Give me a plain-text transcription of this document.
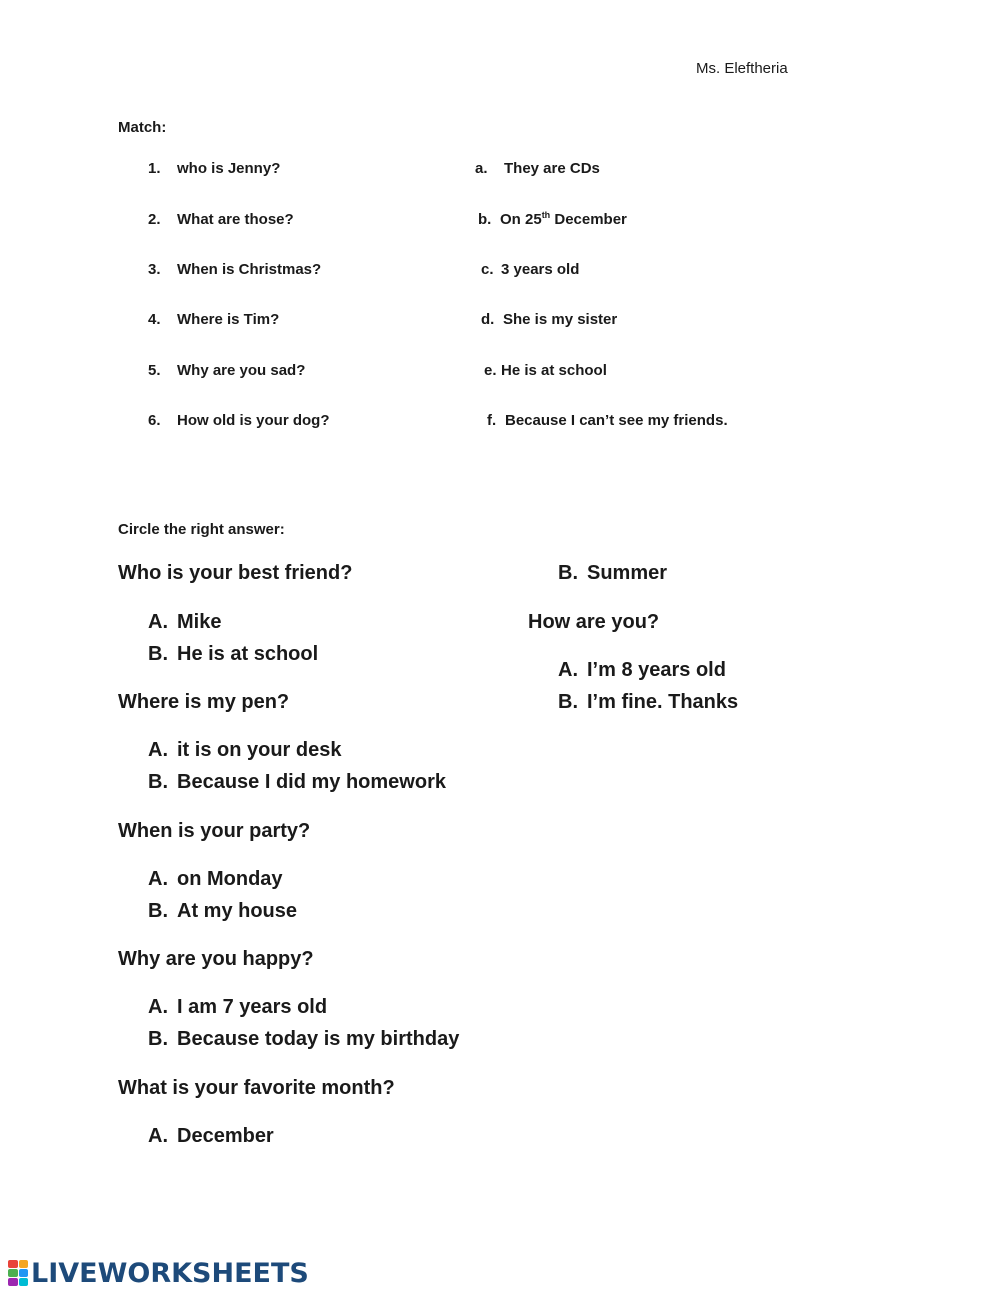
Ms. Eleftheria
Match:
1. who is Jenny?
2. What are those?
3. When is Christmas?
4. Where is Tim?
5. Why are you sad?
6. How old is your dog?
a. They are CDs
b. On 25th December
c. 3 years old
d. She is my sister
e. He is at school
f. Because I can’t see my friends.
Circle the right answer:
Who is your best friend?
A. Mike
B. He is at school
Where is my pen?
A. it is on your desk
B. Because I did my homework
When is your party?
A. on Monday
B. At my house
Why are you happy?
A. I am 7 years old
B. Because today is my birthday
What is your favorite month?
A. December
B. Summer
How are you?
A. I’m 8 years old
B. I’m fine. Thanks
LIVEWORKSHEETS
